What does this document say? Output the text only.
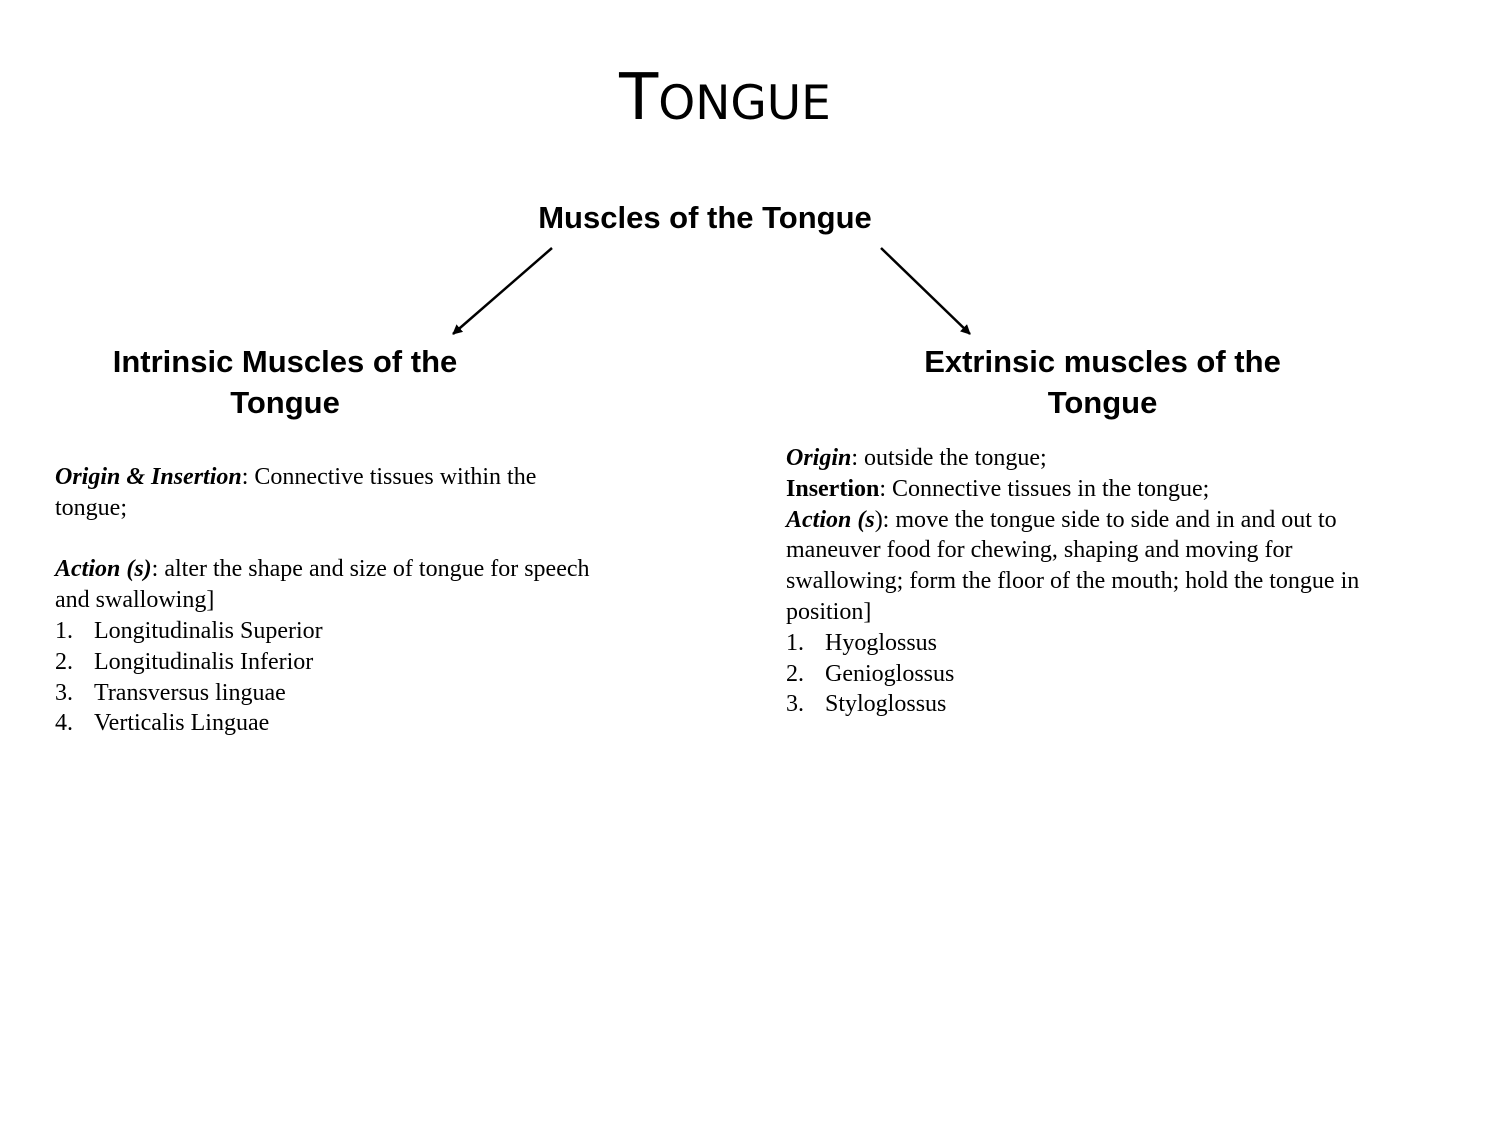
TONGUE
Muscles of the Tongue
Intrinsic Muscles of the
Tongue
Extrinsic muscles of the
Tongue

Origin & Insertion: Connective tissues within the tongue;

Action (s): alter the shape and size of tongue for speech and swallowing]

1. Longitudinalis Superior
2. Longitudinalis Inferior
3. Transversus linguae
4. Verticalis Linguae

Origin: outside the tongue;

Insertion: Connective tissues in the tongue;

Action (s): move the tongue side to side and in and out to maneuver food for chewing, shaping and moving for swallowing; form the floor of the mouth; hold the tongue in position]

1. Hyoglossus
2. Genioglossus
3. Styloglossus
